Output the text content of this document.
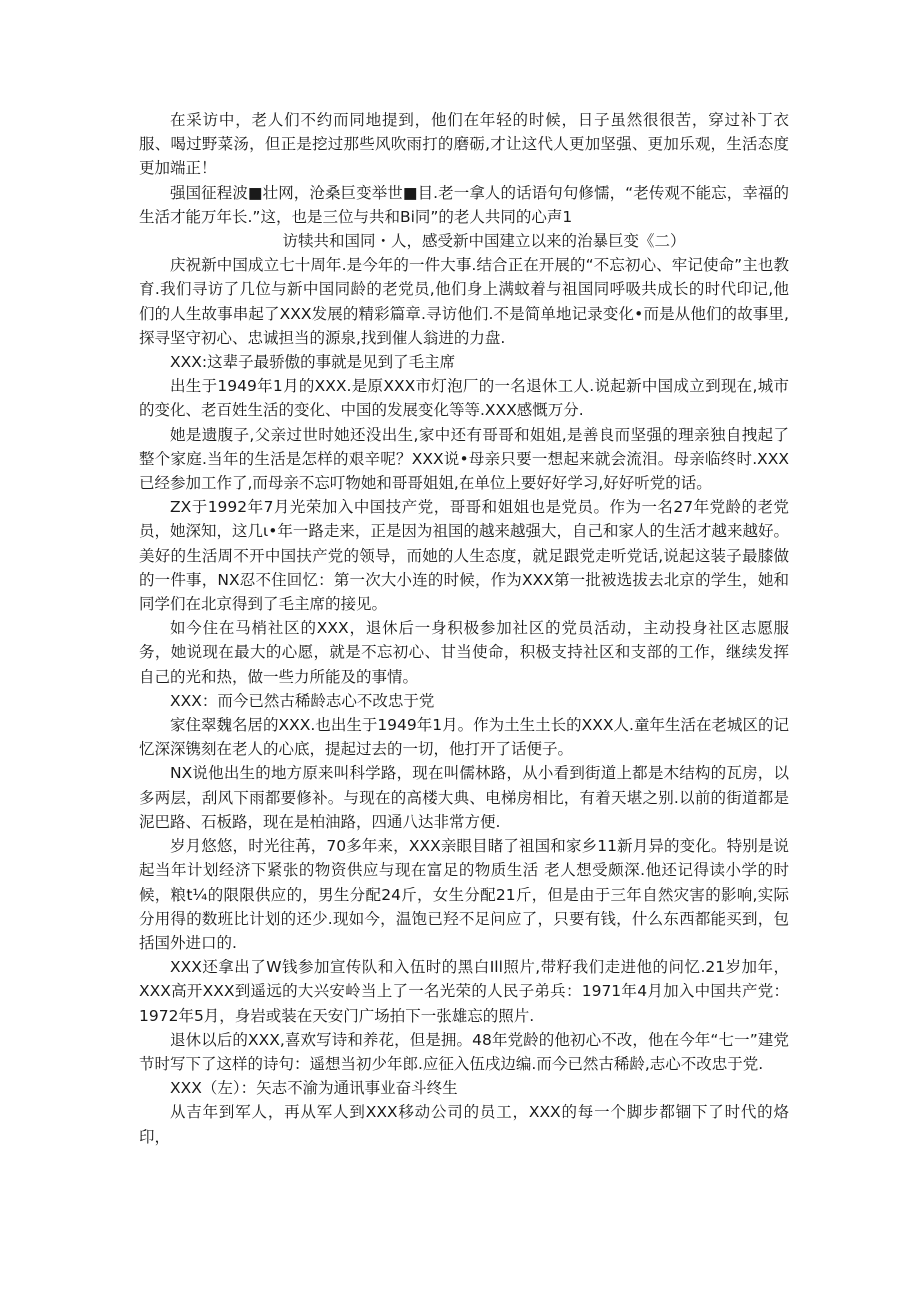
在采访中，老人们不约而同地提到，他们在年轻的时候，日子虽然很很苦，穿过补丁衣服、喝过野菜汤，但正是挖过那些风吹雨打的磨砺,才让这代人更加坚强、更加乐观，生活态度更加端正！

强国征程波■壮网，沧桑巨变举世■目.老一拿人的话语句句修懦，“老传观不能忘，幸福的生活才能万年长.”这，也是三位与共和Bi同”的老人共同的心声1

访犊共和国同・人，感受新中国建立以来的治暴巨变《二）

庆祝新中国成立七十周年.是今年的一件大事.结合正在开展的“不忘初心、牢记使命”主也教育.我们寻访了几位与新中国同龄的老党员,他们身上满蚊着与祖国同呼吸共成长的时代印记,他们的人生故事串起了XXX发展的精彩篇章.寻访他们.不是简单地记录变化•而是从他们的故事里,探寻坚守初心、忠诚担当的源泉,找到催人翁进的力盘.

XXX:这辈子最骄傲的事就是见到了毛主席

出生于1949年1月的XXX.是原XXX市灯泡厂的一名退休工人.说起新中国成立到现在,城市的变化、老百姓生活的变化、中国的发展变化等等.XXX感慨万分.

她是遗腹子,父亲过世时她还没出生,家中还有哥哥和姐姐,是善良而坚强的理亲独自拽起了整个家庭.当年的生活是怎样的艰辛呢？XXX说•母亲只要一想起来就会流泪。母亲临终时.XXX已经参加工作了,而母亲不忘叮物她和哥哥姐姐,在单位上要好好学习,好好听党的话。

ZX于1992年7月光荣加入中国技产党，哥哥和姐姐也是党员。作为一名27年党龄的老党员，她深知，这几ι•年一路走来，正是因为祖国的越来越强大，自己和家人的生活才越来越好。美好的生活周不开中国扶产党的领导，而她的人生态度，就足跟党走听党话,说起这装子最膝做的一件事，NX忍不住回忆：第一次大小连的时候，作为XXX第一批被选拔去北京的学生，她和同学们在北京得到了毛主席的接见。

如今住在马梢社区的XXX，退休后一身积极参加社区的党员活动，主动投身社区志愿服务，她说现在最大的心愿，就是不忘初心、甘当使命，积极支持社区和支部的工作，继续发挥自己的光和热，做一些力所能及的事情。

XXX：而今已然古稀龄志心不改忠于党

家住翠魏名居的XXX.也出生于1949年1月。作为土生土长的XXX人.童年生活在老城区的记忆深深镌刻在老人的心底，提起过去的一切，他打开了话便子。

NX说他出生的地方原来叫科学路，现在叫儒林路，从小看到街道上都是木结构的瓦房，以多两层，刮风下雨都要修补。与现在的高楼大典、电梯房相比，有着天堪之别.以前的街道都是泥巴路、石板路，现在是柏油路，四通八达非常方便.

岁月悠悠，时光往苒，70多年来，XXX亲眼目睹了祖国和家乡11新月异的变化。特别是说起当年计划经济下紧张的物资供应与现在富足的物质生活 老人想受颇深.他还记得读小学的时候，粮t¼的限限供应的，男生分配24斤，女生分配21斤，但是由于三年自然灾害的影响,实际分用得的数班比计划的还少.现如今，温饱已羟不足问应了，只要有钱，什么东西都能买到，包括国外进口的.

XXX还拿出了W钱参加宣传队和入伍时的黑白Ill照片,带籽我们走进他的问忆.21岁加年，XXX高开XXX到遥远的大兴安岭当上了一名光荣的人民子弟兵：1971年4月加入中国共产党：1972年5月，身岩或装在天安门广场拍下一张雄忘的照片.

退休以后的XXX,喜欢写诗和养花，但是拥。48年党龄的他初心不改，他在今年“七一”建党节时写下了这样的诗句：遥想当初少年郎.应征入伍戌边编.而今已然古稀龄,志心不改忠于党.

XXX（左）：矢志不渝为通讯事业奋斗终生

从吉年到军人，再从军人到XXX移动公司的员工，XXX的每一个脚步都锢下了时代的烙印，
